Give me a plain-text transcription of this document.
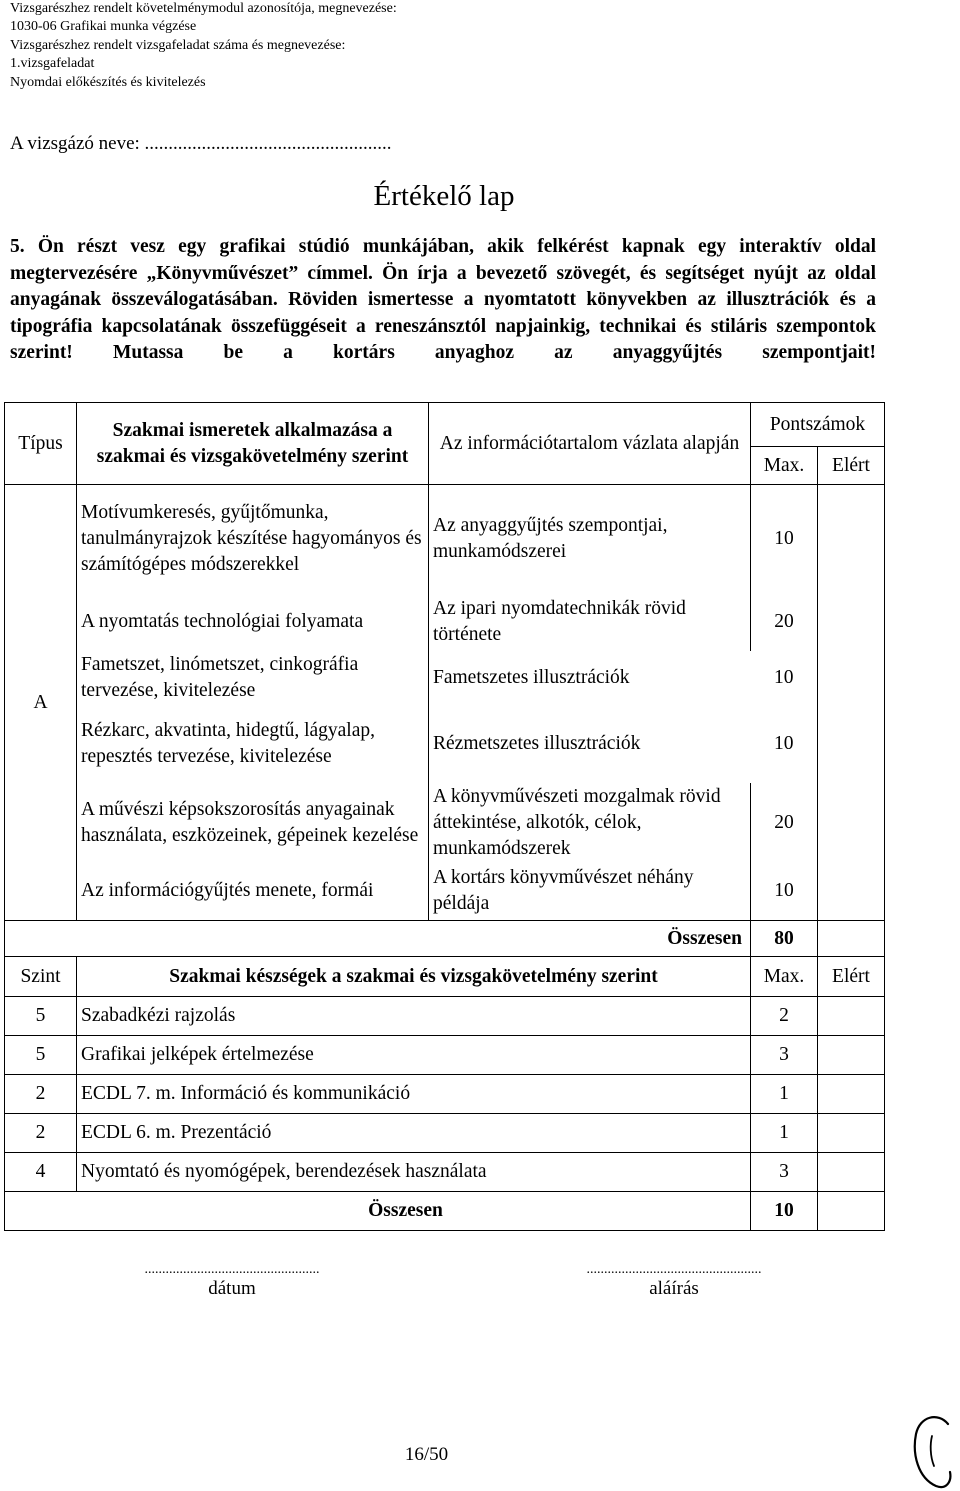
Vizsgarészhez rendelt követelménymodul azonosítója, megnevezése:
1030-06 Grafikai munka végzése
Vizsgarészhez rendelt vizsgafeladat száma és megnevezése:
1.vizsgafeladat
Nyomdai előkészítés és kivitelezés
A vizsgázó neve: ....................................................
Értékelő lap
5. Ön részt vesz egy grafikai stúdió munkájában, akik felkérést kapnak egy interaktív oldal megtervezésére „Könyvművészet” címmel. Ön írja a bevezető szövegét, és segítséget nyújt az oldal anyagának összeválogatásában. Röviden ismertesse a nyomtatott könyvekben az illusztrációk és a tipográfia kapcsolatának összefüggéseit a reneszánsztól napjainkig, technikai és stiláris szempontok szerint! Mutassa be a kortárs anyaghoz az anyaggyűjtés szempontjait!
Típus	Szakmai ismeretek alkalmazása a szakmai és vizsgakövetelmény szerint	Az információtartalom vázlata alapján	Pontszámok	
			Max.	Elért
A	Motívumkeresés, gyűjtőmunka, tanulmányrajzok készítése hagyományos és számítógépes módszerekkel	Az anyaggyűjtés szempontjai, munkamódszerei	10	
	A nyomtatás technológiai folyamata	Az ipari nyomdatechnikák rövid története	20	
	Fametszet, linómetszet, cinkográfia tervezése, kivitelezése	Fametszetes illusztrációk	10	
	Rézkarc, akvatinta, hidegtű, lágyalap, repesztés tervezése, kivitelezése	Rézmetszetes illusztrációk	10	
	A művészi képsokszorosítás anyagainak használata, eszközeinek, gépeinek kezelése	A könyvművészeti mozgalmak rövid áttekintése, alkotók, célok, munkamódszerek	20	
	Az információgyűjtés menete, formái	A kortárs könyvművészet néhány példája	10	
Összesen			80	
Szint	Szakmai készségek a szakmai és vizsgakövetelmény szerint		Max.	Elért
5	Szabadkézi rajzolás		2	
5	Grafikai jelképek értelmezése		3	
2	ECDL 7. m. Információ és kommunikáció		1	
2	ECDL 6. m. Prezentáció		1	
4	Nyomtató és nyomógépek, berendezések használata		3	
Összesen			10	
..................................................
dátum
..................................................
aláírás
16/50
